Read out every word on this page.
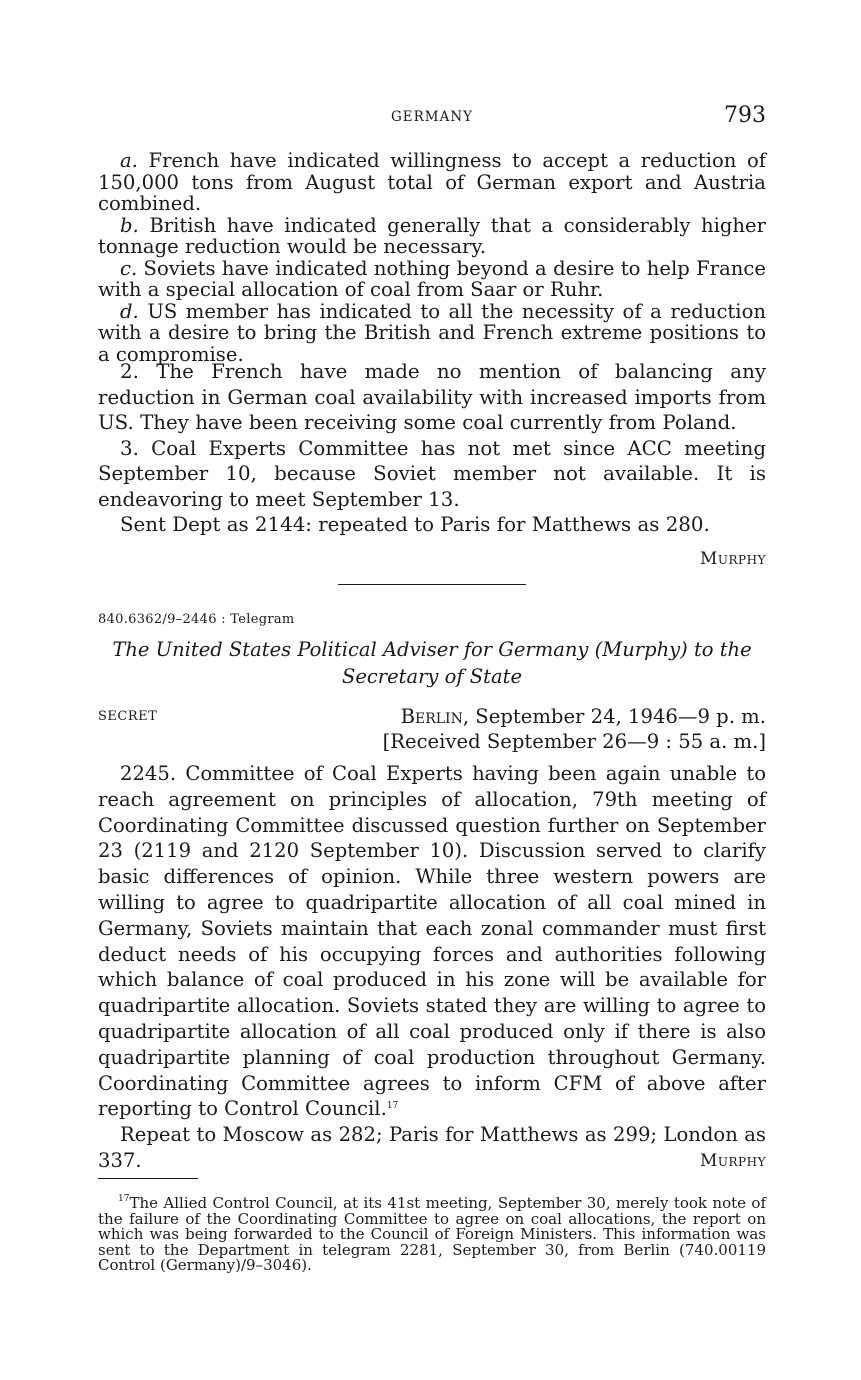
GERMANY	793

a. French have indicated willingness to accept a reduction of 150,000 tons from August total of German export and Austria combined.

b. British have indicated generally that a considerably higher tonnage reduction would be necessary.

c. Soviets have indicated nothing beyond a desire to help France with a special allocation of coal from Saar or Ruhr.

d. US member has indicated to all the necessity of a reduction with a desire to bring the British and French extreme positions to a compromise.

2. The French have made no mention of balancing any reduction in German coal availability with increased imports from US. They have been receiving some coal currently from Poland.

3. Coal Experts Committee has not met since ACC meeting September 10, because Soviet member not available. It is endeavoring to meet September 13.

Sent Dept as 2144: repeated to Paris for Matthews as 280.

Murphy
840.6362/9–2446 : Telegram
The United States Political Adviser for Germany (Murphy) to the
Secretary of State
SECRET	Berlin, September 24, 1946—9 p. m.
[Received September 26—9 : 55 a. m.]

2245. Committee of Coal Experts having been again unable to reach agreement on principles of allocation, 79th meeting of Coordinating Committee discussed question further on September 23 (2119 and 2120 September 10). Discussion served to clarify basic differences of opinion. While three western powers are willing to agree to quadripartite allocation of all coal mined in Germany, Soviets maintain that each zonal commander must first deduct needs of his occupying forces and authorities following which balance of coal produced in his zone will be available for quadripartite allocation. Soviets stated they are willing to agree to quadripartite allocation of all coal produced only if there is also quadripartite planning of coal production throughout Germany. Coordinating Committee agrees to inform CFM of above after reporting to Control Council.$^{17}$

Repeat to Moscow as 282; Paris for Matthews as 299; London as 337.	Murphy

$^{17}$The Allied Control Council, at its 41st meeting, September 30, merely took note of the failure of the Coordinating Committee to agree on coal allocations, the report on which was being forwarded to the Council of Foreign Ministers. This information was sent to the Department in telegram 2281, September 30, from Berlin (740.00119 Control (Germany)/9–3046).
